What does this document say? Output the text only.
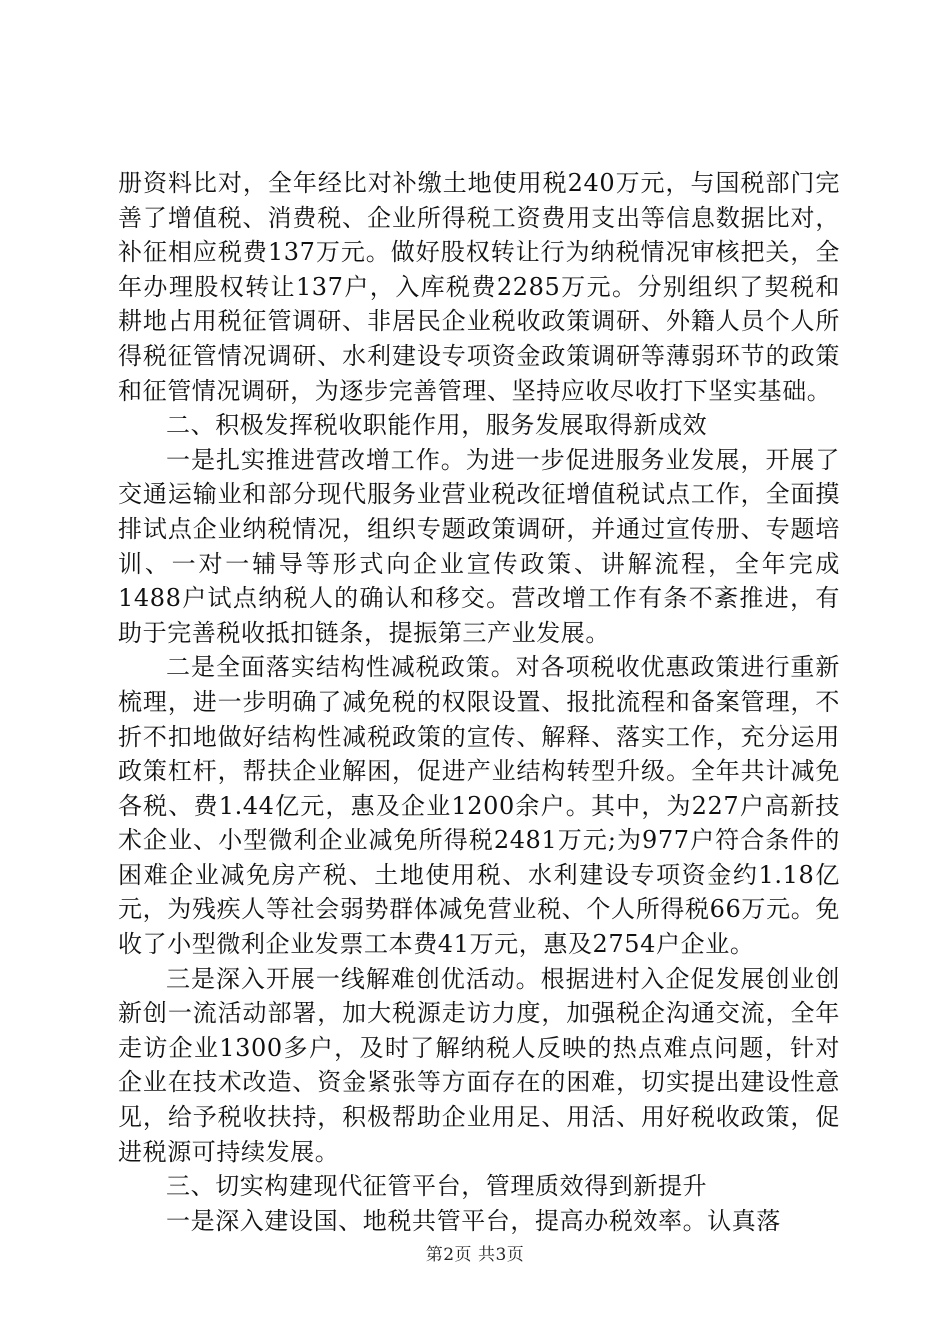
册资料比对，全年经比对补缴土地使用税240万元，与国税部门完善了增值税、消费税、企业所得税工资费用支出等信息数据比对，补征相应税费137万元。做好股权转让行为纳税情况审核把关，全年办理股权转让137户，入库税费2285万元。分别组织了契税和耕地占用税征管调研、非居民企业税收政策调研、外籍人员个人所得税征管情况调研、水利建设专项资金政策调研等薄弱环节的政策和征管情况调研，为逐步完善管理、坚持应收尽收打下坚实基础。

二、积极发挥税收职能作用，服务发展取得新成效

一是扎实推进营改增工作。为进一步促进服务业发展，开展了交通运输业和部分现代服务业营业税改征增值税试点工作，全面摸排试点企业纳税情况，组织专题政策调研，并通过宣传册、专题培训、一对一辅导等形式向企业宣传政策、讲解流程，全年完成1488户试点纳税人的确认和移交。营改增工作有条不紊推进，有助于完善税收抵扣链条，提振第三产业发展。

二是全面落实结构性减税政策。对各项税收优惠政策进行重新梳理，进一步明确了减免税的权限设置、报批流程和备案管理，不折不扣地做好结构性减税政策的宣传、解释、落实工作，充分运用政策杠杆，帮扶企业解困，促进产业结构转型升级。全年共计减免各税、费1.44亿元，惠及企业1200余户。其中，为227户高新技术企业、小型微利企业减免所得税2481万元;为977户符合条件的困难企业减免房产税、土地使用税、水利建设专项资金约1.18亿元，为残疾人等社会弱势群体减免营业税、个人所得税66万元。免收了小型微利企业发票工本费41万元，惠及2754户企业。

三是深入开展一线解难创优活动。根据进村入企促发展创业创新创一流活动部署，加大税源走访力度，加强税企沟通交流，全年走访企业1300多户，及时了解纳税人反映的热点难点问题，针对企业在技术改造、资金紧张等方面存在的困难，切实提出建设性意见，给予税收扶持，积极帮助企业用足、用活、用好税收政策，促进税源可持续发展。

三、切实构建现代征管平台，管理质效得到新提升

一是深入建设国、地税共管平台，提高办税效率。认真落

第2页 共3页
